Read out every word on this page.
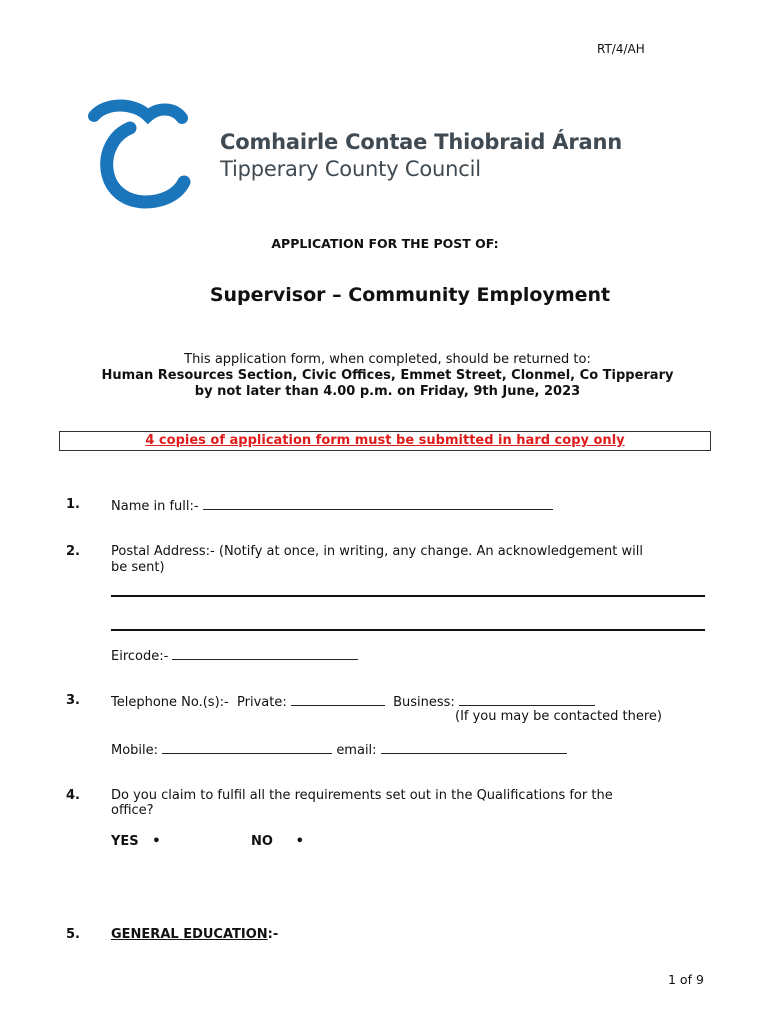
RT/4/AH
Comhairle Contae Thiobraid Árann
Tipperary County Council
APPLICATION FOR THE POST OF:
Supervisor – Community Employment
This application form, when completed, should be returned to:
Human Resources Section, Civic Offices, Emmet Street, Clonmel, Co Tipperary
by not later than 4.00 p.m. on Friday, 9th June, 2023
4 copies of application form must be submitted in hard copy only
1. Name in full:-
2. Postal Address:- (Notify at once, in writing, any change. An acknowledgement will
be sent)
Eircode:-
3. Telephone No.(s):- Private:	Business:
(If you may be contacted there)
Mobile:	email:
4. Do you claim to fulfil all the requirements set out in the Qualifications for the
office?
YES •	NO •
5. GENERAL EDUCATION:-
1 of 9
